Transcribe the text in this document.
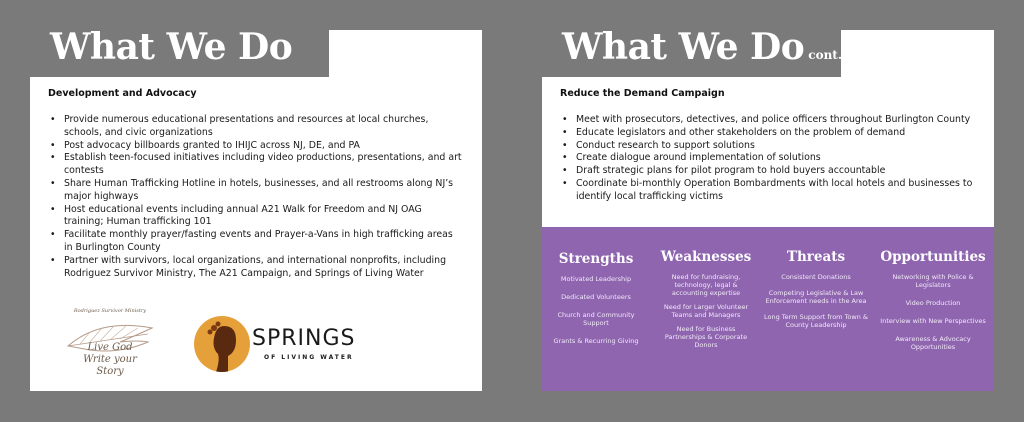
What We Do
Development and Advocacy
• Provide numerous educational presentations and resources at local churches, schools, and civic organizations
• Post advocacy billboards granted to IHIJC across NJ, DE, and PA
• Establish teen-focused initiatives including video productions, presentations, and art contests
• Share Human Trafficking Hotline in hotels, businesses, and all restrooms along NJ’s major highways
• Host educational events including annual A21 Walk for Freedom and NJ OAG training; Human trafficking 101
• Facilitate monthly prayer/fasting events and Prayer-a-Vans in high trafficking areas in Burlington County
• Partner with survivors, local organizations, and international nonprofits, including Rodriguez Survivor Ministry, The A21 Campaign, and Springs of Living Water
Rodriguez Survivor Ministry
Live God
Write your
Story
SPRINGS
OF LIVING WATER
What We Do cont.
Reduce the Demand Campaign
• Meet with prosecutors, detectives, and police officers throughout Burlington County
• Educate legislators and other stakeholders on the problem of demand
• Conduct research to support solutions
• Create dialogue around implementation of solutions
• Draft strategic plans for pilot program to hold buyers accountable
• Coordinate bi-monthly Operation Bombardments with local hotels and businesses to identify local trafficking victims
Strengths
Motivated Leadership
Dedicated Volunteers
Church and Community Support
Grants & Recurring Giving
Weaknesses
Need for fundraising, technology, legal & accounting expertise
Need for Larger Volunteer Teams and Managers
Need for Business Partnerships & Corporate Donors
Threats
Consistent Donations
Competing Legislative & Law Enforcement needs in the Area
Long Term Support from Town & County Leadership
Opportunities
Networking with Police & Legislators
Video Production
Interview with New Perspectives
Awareness & Advocacy Opportunities
